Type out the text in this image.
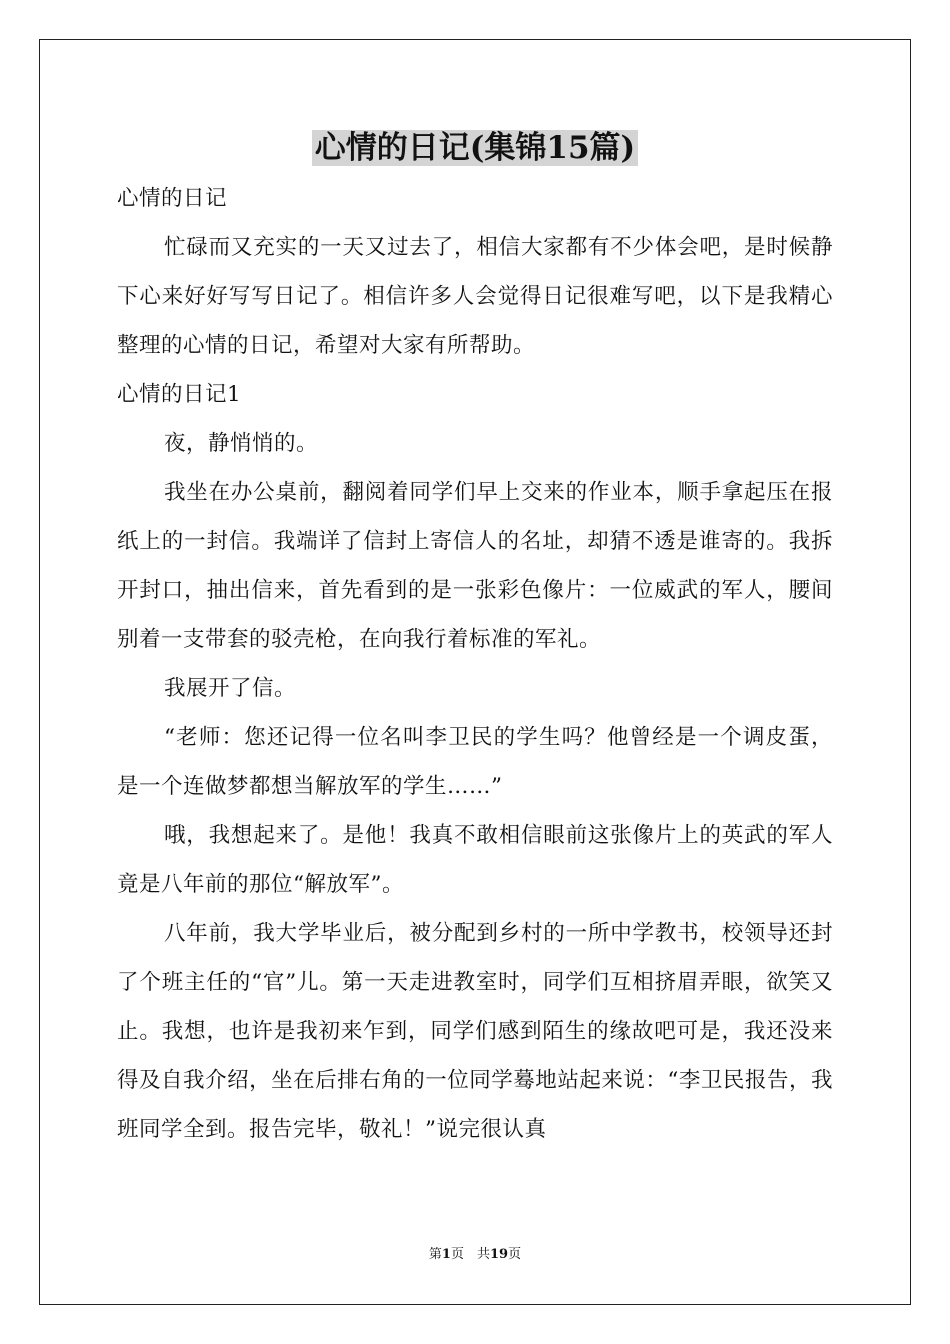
心情的日记(集锦15篇)

心情的日记

忙碌而又充实的一天又过去了，相信大家都有不少体会吧，是时候静下心来好好写写日记了。相信许多人会觉得日记很难写吧，以下是我精心整理的心情的日记，希望对大家有所帮助。

心情的日记1

夜，静悄悄的。

我坐在办公桌前，翻阅着同学们早上交来的作业本，顺手拿起压在报纸上的一封信。我端详了信封上寄信人的名址，却猜不透是谁寄的。我拆开封口，抽出信来，首先看到的是一张彩色像片：一位威武的军人，腰间别着一支带套的驳壳枪，在向我行着标准的军礼。

我展开了信。

“老师：您还记得一位名叫李卫民的学生吗？他曾经是一个调皮蛋，是一个连做梦都想当解放军的学生……”

哦，我想起来了。是他！我真不敢相信眼前这张像片上的英武的军人竟是八年前的那位“解放军”。

八年前，我大学毕业后，被分配到乡村的一所中学教书，校领导还封了个班主任的“官”儿。第一天走进教室时，同学们互相挤眉弄眼，欲笑又止。我想，也许是我初来乍到，同学们感到陌生的缘故吧可是，我还没来得及自我介绍，坐在后排右角的一位同学蓦地站起来说：“李卫民报告，我班同学全到。报告完毕，敬礼！”说完很认真

第1页　共19页
